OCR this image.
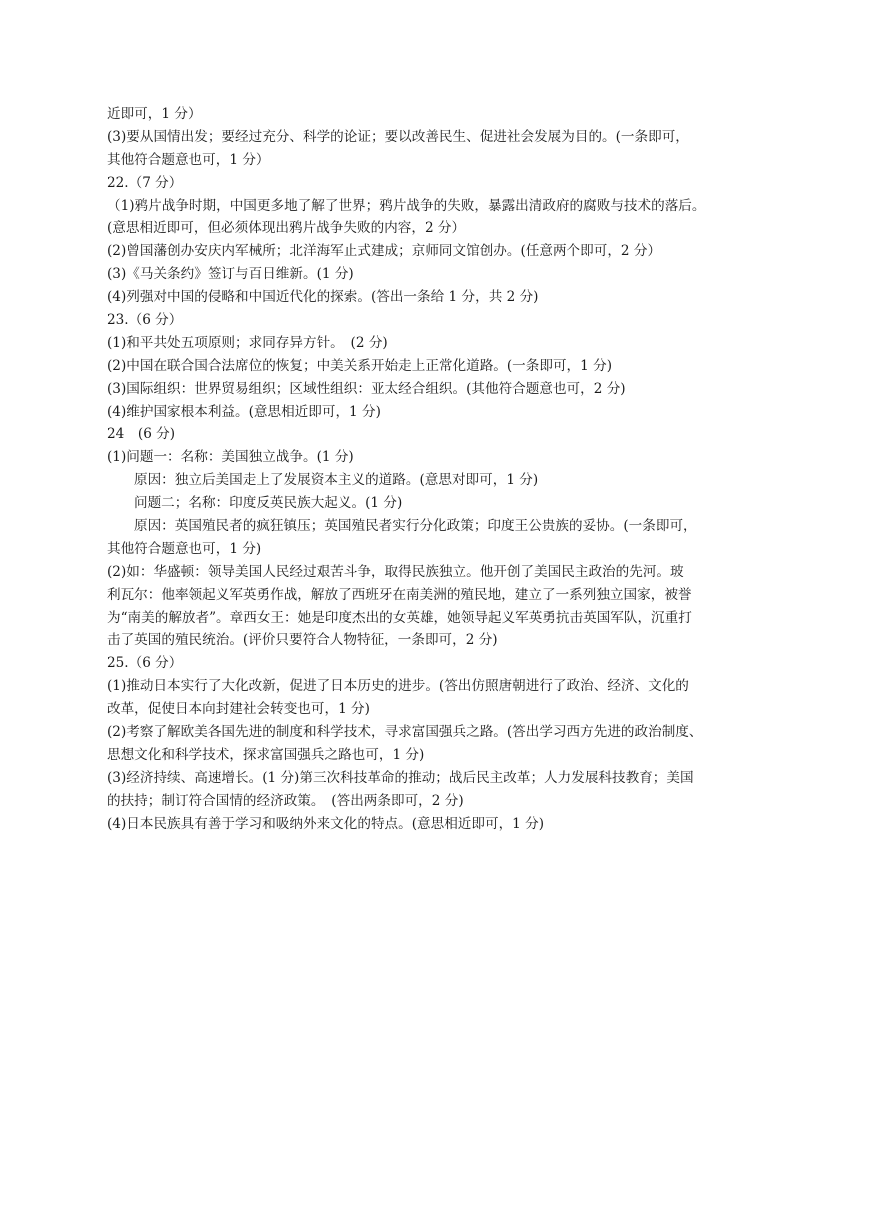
近即可，1 分）
(3)要从国情出发；要经过充分、科学的论证；要以改善民生、促进社会发展为目的。(一条即可，
其他符合题意也可，1 分）
22.（7 分）
（1)鸦片战争时期，中国更多地了解了世界；鸦片战争的失败，暴露出清政府的腐败与技术的落后。
(意思相近即可，但必须体现出鸦片战争失败的内容，2 分）
(2)曾国藩创办安庆内军械所；北洋海军止式建成；京师同文馆创办。(任意两个即可，2 分）
(3)《马关条约》签订与百日维新。(1 分)
(4)列强对中国的侵略和中国近代化的探索。(答出一条给 1 分，共 2 分)
23.（6 分）
(1)和平共处五项原则；求同存异方针。　(2 分)
(2)中国在联合国合法席位的恢复；中美关系开始走上正常化道路。(一条即可，1 分)
(3)国际组织：世界贸易组织；区域性组织：亚太经合组织。(其他符合题意也可，2 分)
(4)维护国家根本利益。(意思相近即可，1 分)
24　(6 分)
(1)问题一：名称：美国独立战争。(1 分)
原因：独立后美国走上了发展资本主义的道路。(意思对即可，1 分)
问题二；名称：印度反英民族大起义。(1 分)
原因：英国殖民者的疯狂镇压；英国殖民者实行分化政策；印度王公贵族的妥协。(一条即可，
其他符合题意也可，1 分)
(2)如：华盛顿：领导美国人民经过艰苦斗争，取得民族独立。他开创了美国民主政治的先河。玻
利瓦尔：他率领起义军英勇作战，解放了西班牙在南美洲的殖民地，建立了一系列独立国家，被誉
为“南美的解放者”。章西女王：她是印度杰出的女英雄，她领导起义军英勇抗击英国军队，沉重打
击了英国的殖民统治。(评价只要符合人物特征，一条即可，2 分)
25.（6 分）
(1)推动日本实行了大化改新，促进了日本历史的进步。(答出仿照唐朝进行了政治、经济、文化的
改革，促使日本向封建社会转变也可，1 分)
(2)考察了解欧美各国先进的制度和科学技术，寻求富国强兵之路。(答出学习西方先进的政治制度、
思想文化和科学技术，探求富国强兵之路也可，1 分)
(3)经济持续、高速增长。(1 分)第三次科技革命的推动；战后民主改革；人力发展科技教育；美国
的扶持；制订符合国情的经济政策。　(答出两条即可，2 分)
(4)日本民族具有善于学习和吸纳外来文化的特点。(意思相近即可，1 分)
